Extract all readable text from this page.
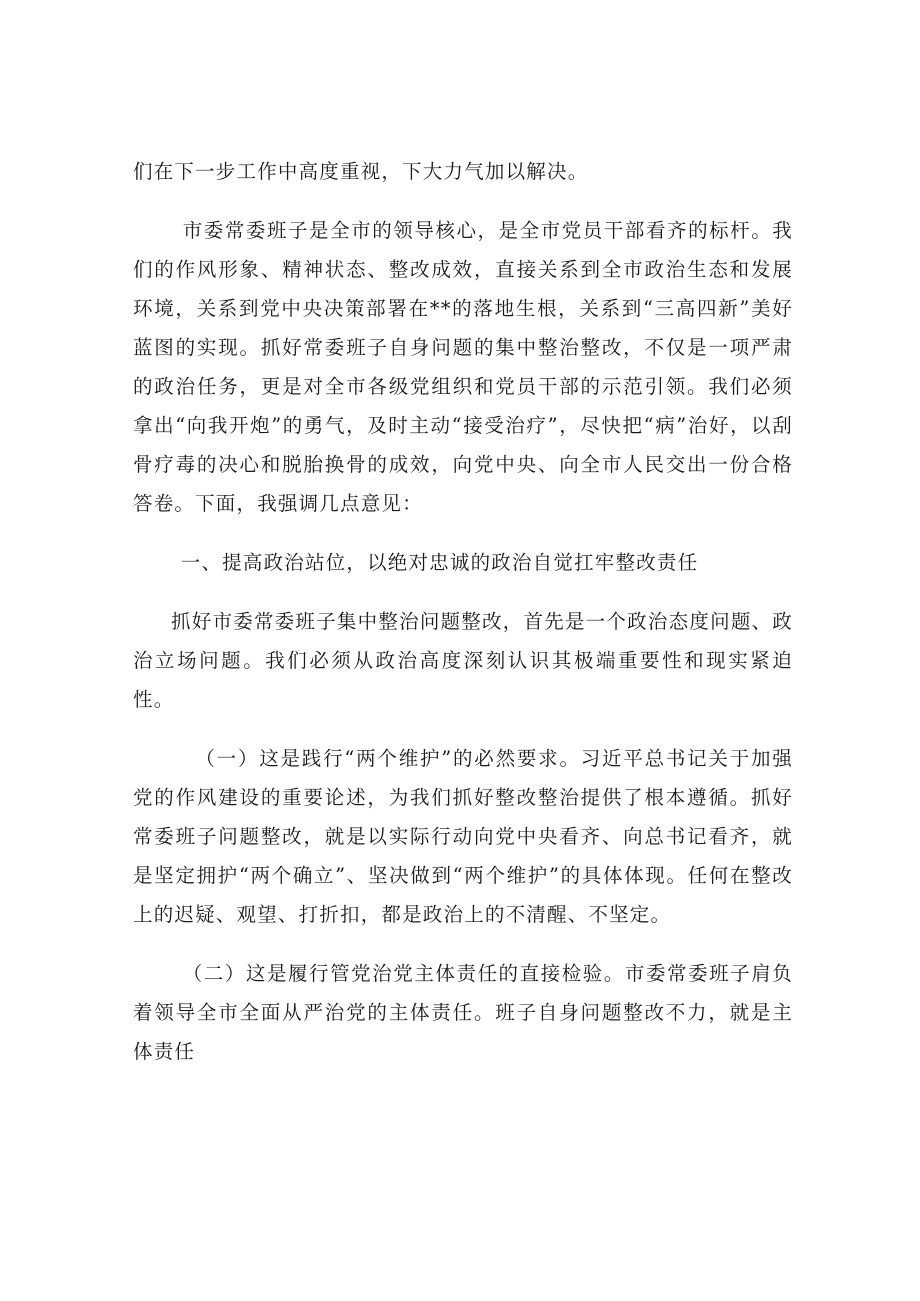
们在下一步工作中高度重视，下大力气加以解决。

市委常委班子是全市的领导核心，是全市党员干部看齐的标杆。我们的作风形象、精神状态、整改成效，直接关系到全市政治生态和发展环境，关系到党中央决策部署在**的落地生根，关系到“三高四新”美好蓝图的实现。抓好常委班子自身问题的集中整治整改，不仅是一项严肃的政治任务，更是对全市各级党组织和党员干部的示范引领。我们必须拿出“向我开炮”的勇气，及时主动“接受治疗”，尽快把“病”治好，以刮骨疗毒的决心和脱胎换骨的成效，向党中央、向全市人民交出一份合格答卷。下面，我强调几点意见：

一、提高政治站位，以绝对忠诚的政治自觉扛牢整改责任

抓好市委常委班子集中整治问题整改，首先是一个政治态度问题、政治立场问题。我们必须从政治高度深刻认识其极端重要性和现实紧迫性。

（一）这是践行“两个维护”的必然要求。习近平总书记关于加强党的作风建设的重要论述，为我们抓好整改整治提供了根本遵循。抓好常委班子问题整改，就是以实际行动向党中央看齐、向总书记看齐，就是坚定拥护“两个确立”、坚决做到“两个维护”的具体体现。任何在整改上的迟疑、观望、打折扣，都是政治上的不清醒、不坚定。

（二）这是履行管党治党主体责任的直接检验。市委常委班子肩负着领导全市全面从严治党的主体责任。班子自身问题整改不力，就是主体责任
